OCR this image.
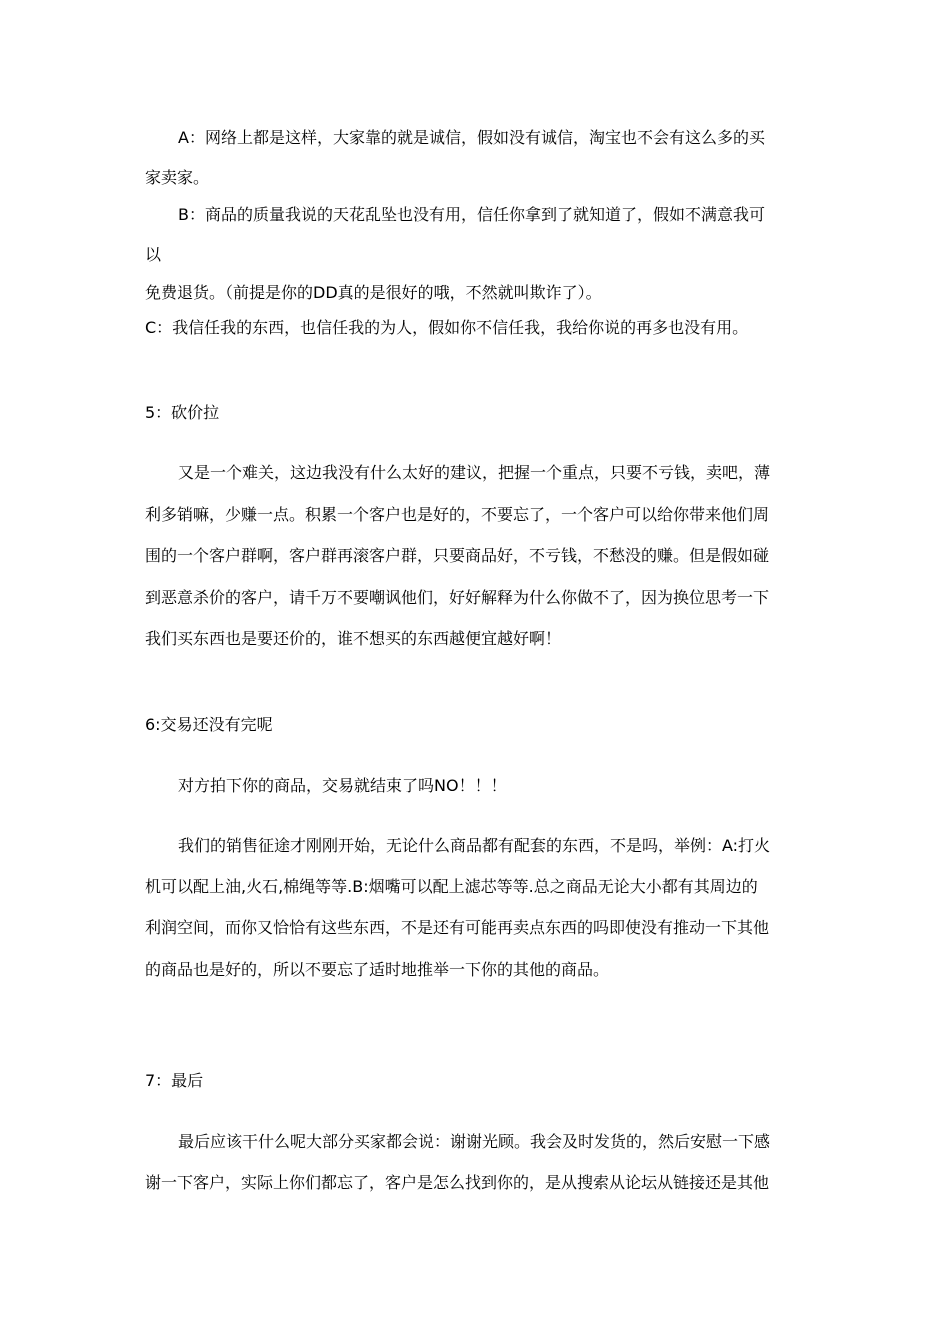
A：网络上都是这样，大家靠的就是诚信，假如没有诚信，淘宝也不会有这么多的买
家卖家。
B：商品的质量我说的天花乱坠也没有用，信任你拿到了就知道了，假如不满意我可
以
免费退货。（前提是你的DD真的是很好的哦，不然就叫欺诈了）。
C：我信任我的东西，也信任我的为人，假如你不信任我，我给你说的再多也没有用。
5：砍价拉
又是一个难关，这边我没有什么太好的建议，把握一个重点，只要不亏钱，卖吧，薄
利多销嘛，少赚一点。积累一个客户也是好的，不要忘了，一个客户可以给你带来他们周
围的一个客户群啊，客户群再滚客户群，只要商品好，不亏钱，不愁没的赚。但是假如碰
到恶意杀价的客户，请千万不要嘲讽他们，好好解释为什么你做不了，因为换位思考一下
我们买东西也是要还价的，谁不想买的东西越便宜越好啊！
6:交易还没有完呢
对方拍下你的商品，交易就结束了吗NO！！！
我们的销售征途才刚刚开始，无论什么商品都有配套的东西，不是吗，举例：A:打火
机可以配上油,火石,棉绳等等.B:烟嘴可以配上滤芯等等.总之商品无论大小都有其周边的
利润空间，而你又恰恰有这些东西，不是还有可能再卖点东西的吗即使没有推动一下其他
的商品也是好的，所以不要忘了适时地推举一下你的其他的商品。
7：最后
最后应该干什么呢大部分买家都会说：谢谢光顾。我会及时发货的，然后安慰一下感
谢一下客户，实际上你们都忘了，客户是怎么找到你的，是从搜索从论坛从链接还是其他
